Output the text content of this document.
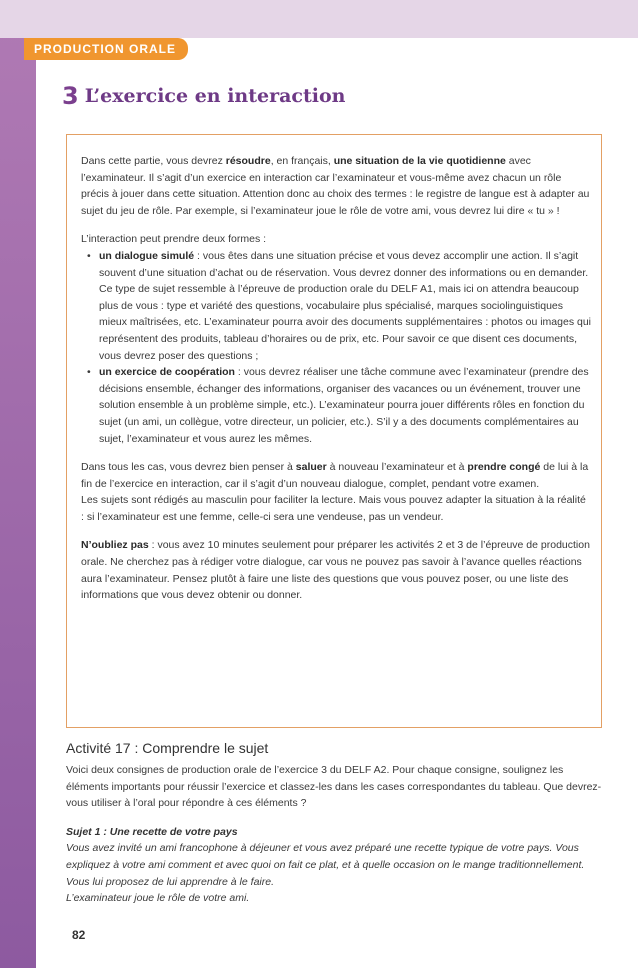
PRODUCTION ORALE
3 L’exercice en interaction

Dans cette partie, vous devrez résoudre, en français, une situation de la vie quotidienne avec l’examinateur. Il s’agit d’un exercice en interaction car l’examinateur et vous-même avez chacun un rôle précis à jouer dans cette situation. Attention donc au choix des termes : le registre de langue est à adapter au sujet du jeu de rôle. Par exemple, si l’examinateur joue le rôle de votre ami, vous devrez lui dire « tu » !

L’interaction peut prendre deux formes :

• un dialogue simulé : vous êtes dans une situation précise et vous devez accomplir une action. Il s’agit souvent d’une situation d’achat ou de réservation. Vous devrez donner des informations ou en demander. Ce type de sujet ressemble à l’épreuve de production orale du DELF A1, mais ici on attendra beaucoup plus de vous : type et variété des questions, vocabulaire plus spécialisé, marques sociolinguistiques mieux maîtrisées, etc. L’examinateur pourra avoir des documents supplémentaires : photos ou images qui représentent des produits, tableau d’horaires ou de prix, etc. Pour savoir ce que disent ces documents, vous devrez poser des questions ;
• un exercice de coopération : vous devrez réaliser une tâche commune avec l’examinateur (prendre des décisions ensemble, échanger des informations, organiser des vacances ou un événement, trouver une solution ensemble à un problème simple, etc.). L’examinateur pourra jouer différents rôles en fonction du sujet (un ami, un collègue, votre directeur, un policier, etc.). S’il y a des documents complémentaires au sujet, l’examinateur et vous aurez les mêmes.

Dans tous les cas, vous devrez bien penser à saluer à nouveau l’examinateur et à prendre congé de lui à la fin de l’exercice en interaction, car il s’agit d’un nouveau dialogue, complet, pendant votre examen.

Les sujets sont rédigés au masculin pour faciliter la lecture. Mais vous pouvez adapter la situation à la réalité : si l’examinateur est une femme, celle-ci sera une vendeuse, pas un vendeur.

N’oubliez pas : vous avez 10 minutes seulement pour préparer les activités 2 et 3 de l’épreuve de production orale. Ne cherchez pas à rédiger votre dialogue, car vous ne pouvez pas savoir à l’avance quelles réactions aura l’examinateur. Pensez plutôt à faire une liste des questions que vous pouvez poser, ou une liste des informations que vous devez obtenir ou donner.

Activité 17 : Comprendre le sujet

Voici deux consignes de production orale de l’exercice 3 du DELF A2. Pour chaque consigne, soulignez les éléments importants pour réussir l’exercice et classez-les dans les cases correspondantes du tableau. Que devrez-vous utiliser à l’oral pour répondre à ces éléments ?

Sujet 1 : Une recette de votre pays
Vous avez invité un ami francophone à déjeuner et vous avez préparé une recette typique de votre pays. Vous expliquez à votre ami comment et avec quoi on fait ce plat, et à quelle occasion on le mange traditionnellement. Vous lui proposez de lui apprendre à le faire.
L’examinateur joue le rôle de votre ami.
82
